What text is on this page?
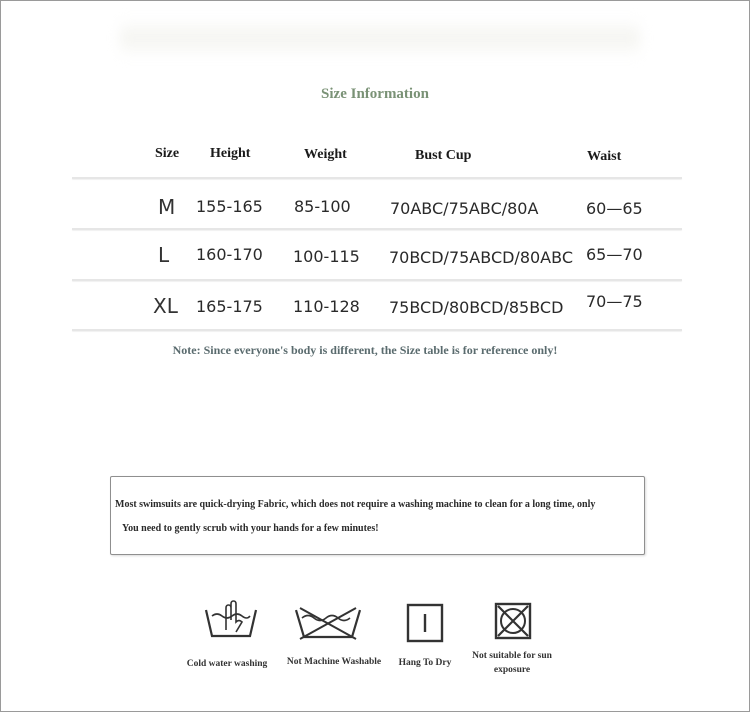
Size Information
Size Height	Weight	Bust Cup	Waist
M 155-165 85-100 70ABC/75ABC/80A	60—65
L 160-170 100-115 70BCD/75ABCD/80ABC 65—70
XL 165-175 110-128 75BCD/80BCD/85BCD 70—75
Note: Since everyone's body is different, the Size table is for reference only!
Most swimsuits are quick-drying Fabric, which does not require a washing machine to clean for a long time, only
You need to gently scrub with your hands for a few minutes!
Cold water washing	Not Machine Washable	Hang To Dry
Not suitable for sun exposure
